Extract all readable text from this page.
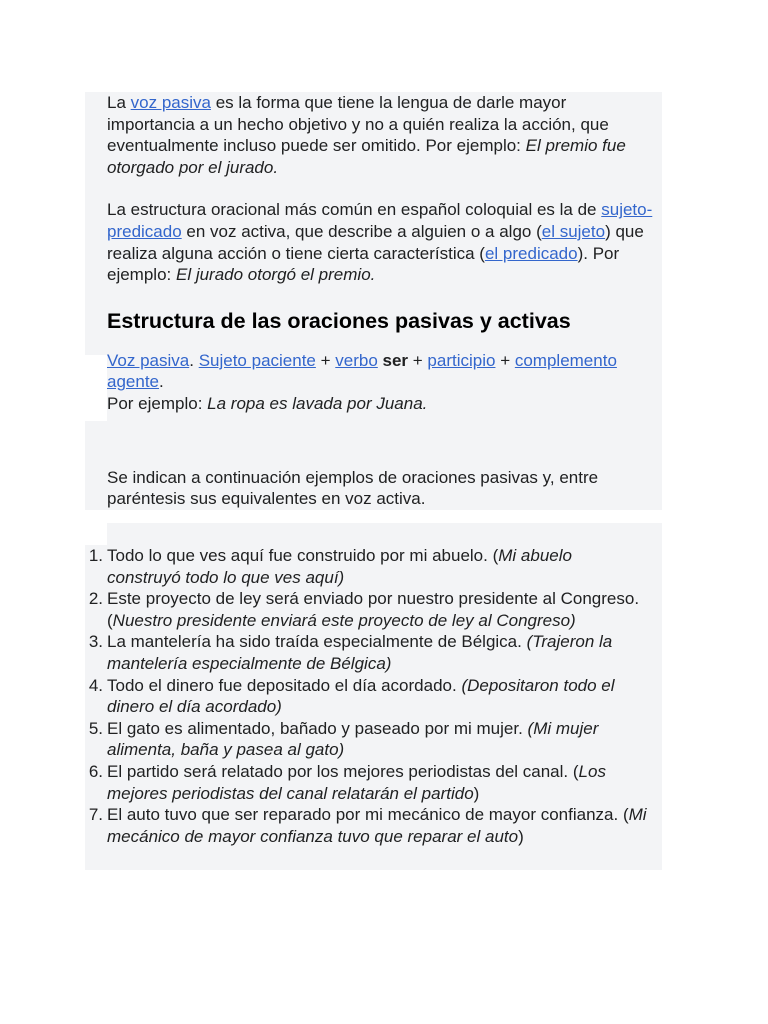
La voz pasiva es la forma que tiene la lengua de darle mayor importancia a un hecho objetivo y no a quién realiza la acción, que eventualmente incluso puede ser omitido. Por ejemplo: El premio fue otorgado por el jurado.

La estructura oracional más común en español coloquial es la de sujeto-predicado en voz activa, que describe a alguien o a algo (el sujeto) que realiza alguna acción o tiene cierta característica (el predicado). Por ejemplo: El jurado otorgó el premio.

Estructura de las oraciones pasivas y activas
Voz pasiva. Sujeto paciente + verbo ser + participio + complemento agente.
Por ejemplo: La ropa es lavada por Juana.

Se indican a continuación ejemplos de oraciones pasivas y, entre paréntesis sus equivalentes en voz activa.

1. Todo lo que ves aquí fue construido por mi abuelo. (Mi abuelo construyó todo lo que ves aquí)
2. Este proyecto de ley será enviado por nuestro presidente al Congreso. (Nuestro presidente enviará este proyecto de ley al Congreso)
3. La mantelería ha sido traída especialmente de Bélgica. (Trajeron la mantelería especialmente de Bélgica)
4. Todo el dinero fue depositado el día acordado. (Depositaron todo el dinero el día acordado)
5. El gato es alimentado, bañado y paseado por mi mujer. (Mi mujer alimenta, baña y pasea al gato)
6. El partido será relatado por los mejores periodistas del canal. (Los mejores periodistas del canal relatarán el partido)
7. El auto tuvo que ser reparado por mi mecánico de mayor confianza. (Mi mecánico de mayor confianza tuvo que reparar el auto)
